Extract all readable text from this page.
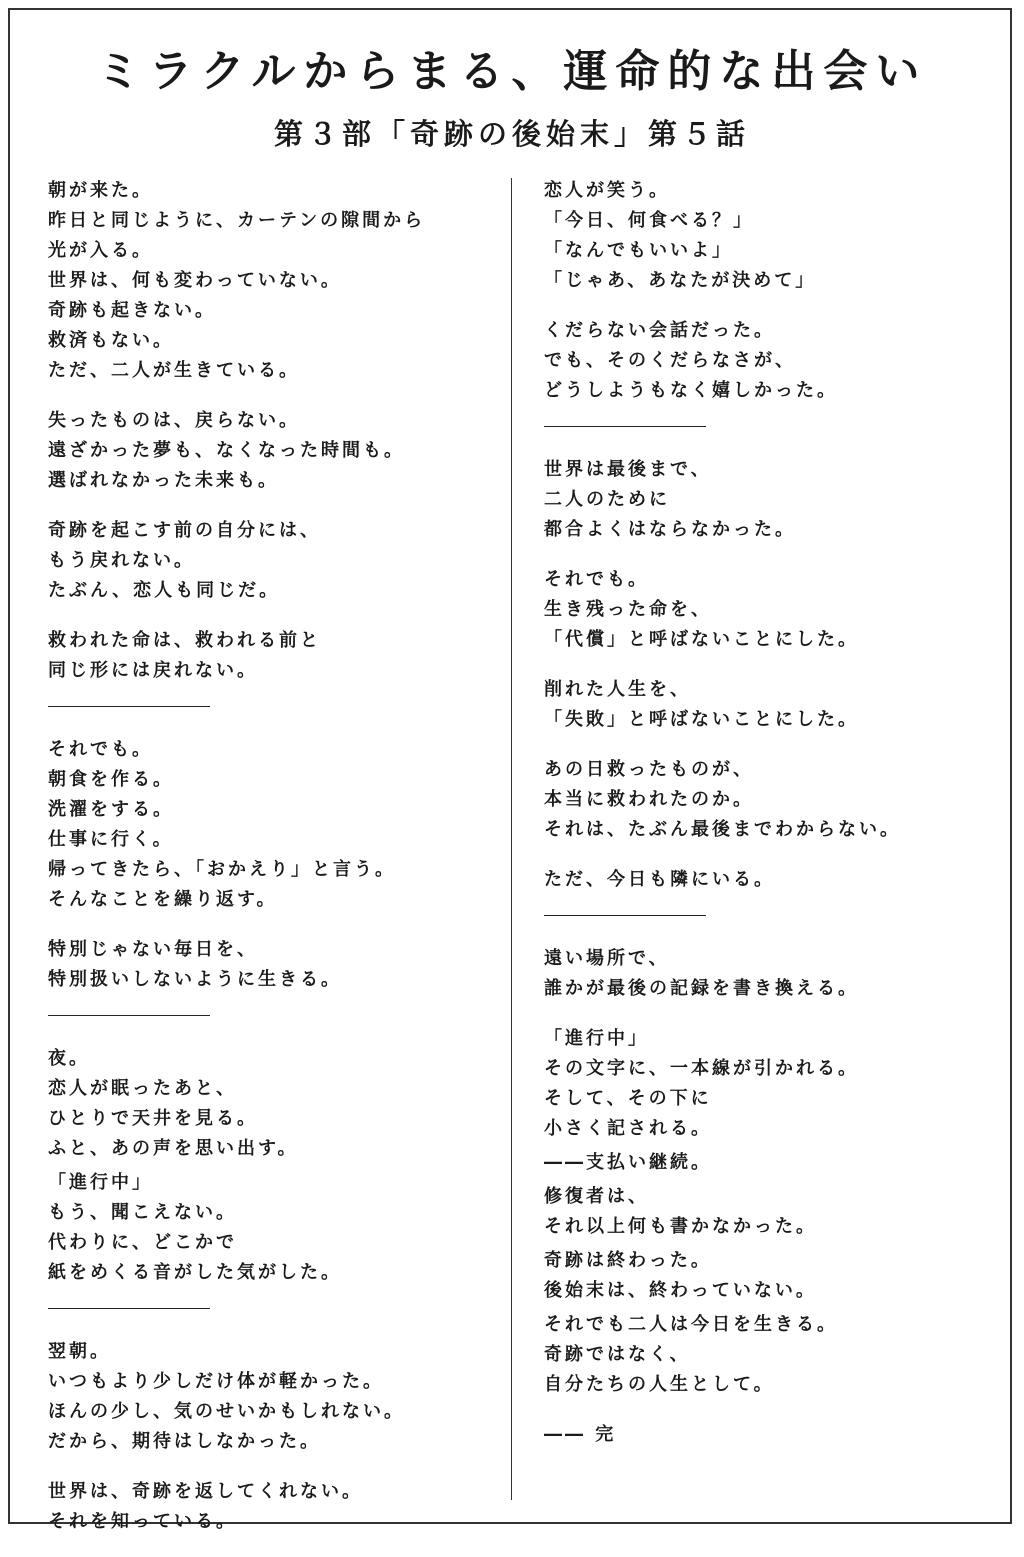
ミラクルからまる、運命的な出会い
第３部「奇跡の後始末」第５話
朝が来た。
昨日と同じように、カーテンの隙間から
光が入る。
世界は、何も変わっていない。
奇跡も起きない。
救済もない。
ただ、二人が生きている。
失ったものは、戻らない。
遠ざかった夢も、なくなった時間も。
選ばれなかった未来も。
奇跡を起こす前の自分には、
もう戻れない。
たぶん、恋人も同じだ。
救われた命は、救われる前と
同じ形には戻れない。
それでも。
朝食を作る。
洗濯をする。
仕事に行く。
帰ってきたら、「おかえり」と言う。
そんなことを繰り返す。
特別じゃない毎日を、
特別扱いしないように生きる。
夜。
恋人が眠ったあと、
ひとりで天井を見る。
ふと、あの声を思い出す。
「進行中」
もう、聞こえない。
代わりに、どこかで
紙をめくる音がした気がした。
翌朝。
いつもより少しだけ体が軽かった。
ほんの少し、気のせいかもしれない。
だから、期待はしなかった。
世界は、奇跡を返してくれない。
それを知っている。
恋人が笑う。
「今日、何食べる？」
「なんでもいいよ」
「じゃあ、あなたが決めて」
くだらない会話だった。
でも、そのくだらなさが、
どうしようもなく嬉しかった。
世界は最後まで、
二人のために
都合よくはならなかった。
それでも。
生き残った命を、
「代償」と呼ばないことにした。
削れた人生を、
「失敗」と呼ばないことにした。
あの日救ったものが、
本当に救われたのか。
それは、たぶん最後までわからない。
ただ、今日も隣にいる。
遠い場所で、
誰かが最後の記録を書き換える。
「進行中」
その文字に、一本線が引かれる。
そして、その下に
小さく記される。
――支払い継続。
修復者は、
それ以上何も書かなかった。
奇跡は終わった。
後始末は、終わっていない。
それでも二人は今日を生きる。
奇跡ではなく、
自分たちの人生として。
―― 完
